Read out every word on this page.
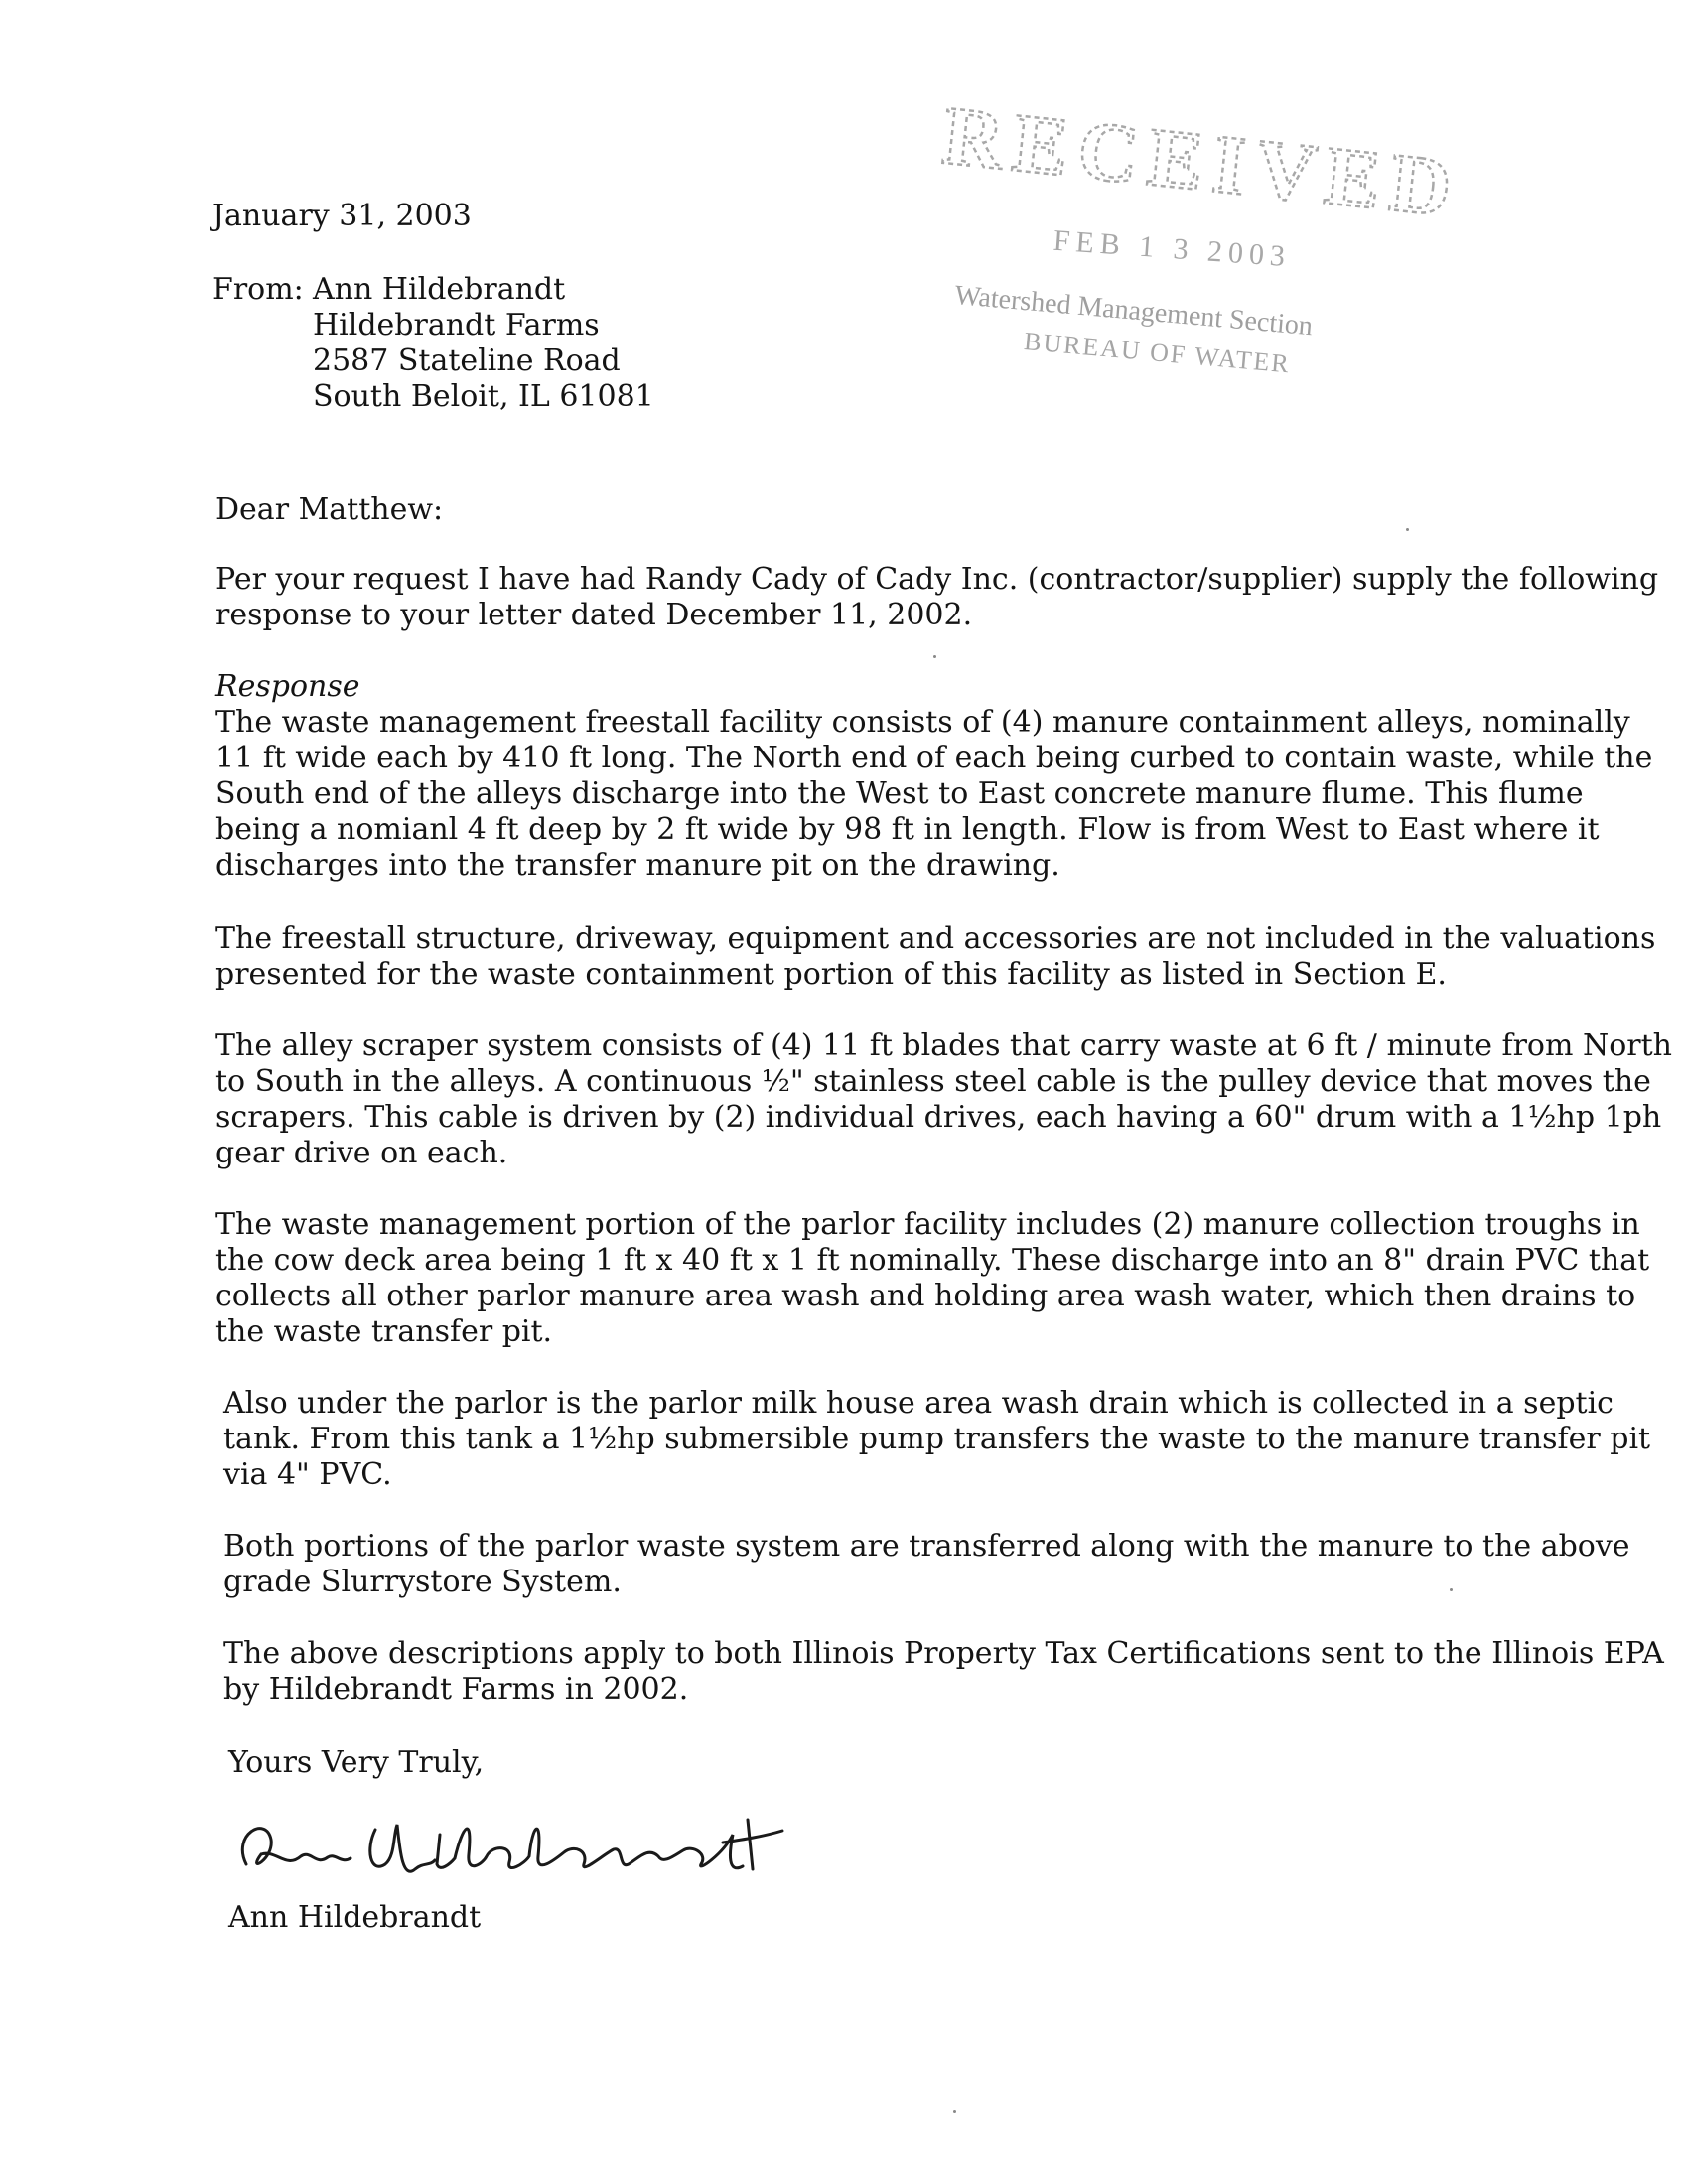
RECEIVED
FEB 1 3 2003
Watershed Management Section
BUREAU OF WATER

January 31, 2003

From: Ann Hildebrandt
Hildebrandt Farms
2587 Stateline Road
South Beloit, IL 61081

Dear Matthew:

Per your request I have had Randy Cady of Cady Inc. (contractor/supplier) supply the following
response to your letter dated December 11, 2002.

Response

The waste management freestall facility consists of (4) manure containment alleys, nominally
11 ft wide each by 410 ft long. The North end of each being curbed to contain waste, while the
South end of the alleys discharge into the West to East concrete manure flume. This flume
being a nomianl 4 ft deep by 2 ft wide by 98 ft in length. Flow is from West to East where it
discharges into the transfer manure pit on the drawing.

The freestall structure, driveway, equipment and accessories are not included in the valuations
presented for the waste containment portion of this facility as listed in Section E.

The alley scraper system consists of (4) 11 ft blades that carry waste at 6 ft / minute from North
to South in the alleys. A continuous ½" stainless steel cable is the pulley device that moves the
scrapers. This cable is driven by (2) individual drives, each having a 60" drum with a 1½hp 1ph
gear drive on each.

The waste management portion of the parlor facility includes (2) manure collection troughs in
the cow deck area being 1 ft x 40 ft x 1 ft nominally. These discharge into an 8" drain PVC that
collects all other parlor manure area wash and holding area wash water, which then drains to
the waste transfer pit.

Also under the parlor is the parlor milk house area wash drain which is collected in a septic
tank. From this tank a 1½hp submersible pump transfers the waste to the manure transfer pit
via 4" PVC.

Both portions of the parlor waste system are transferred along with the manure to the above
grade Slurrystore System.

The above descriptions apply to both Illinois Property Tax Certifications sent to the Illinois EPA
by Hildebrandt Farms in 2002.

Yours Very Truly,

Ann Hildebrandt
